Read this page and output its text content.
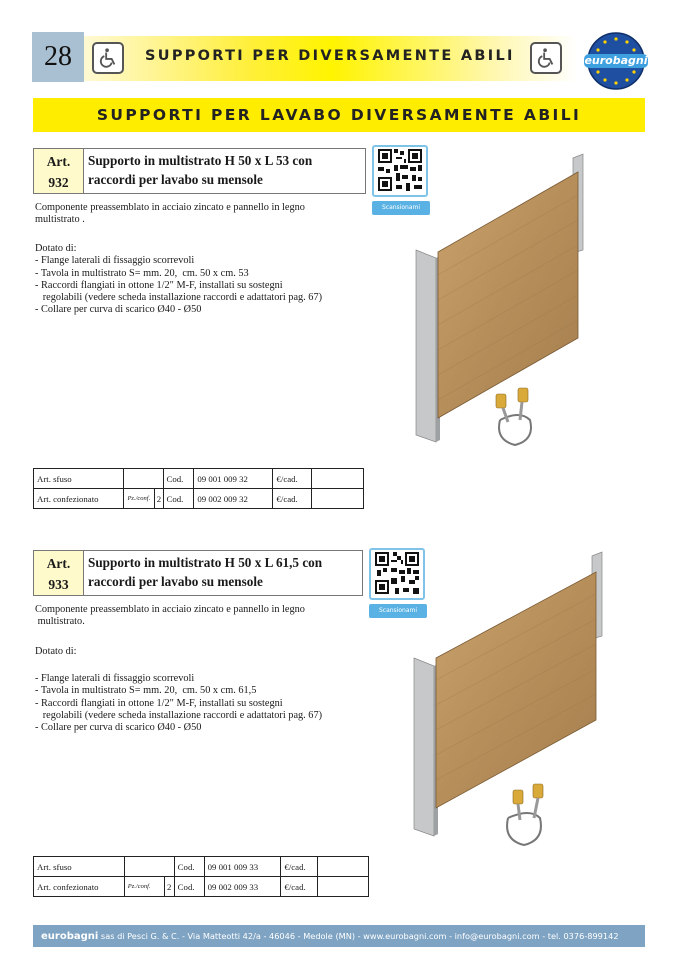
28	SUPPORTI PER DIVERSAMENTE ABILI	eurobagni
SUPPORTI PER LAVABO DIVERSAMENTE ABILI
Art.
932
Supporto in multistrato H 50 x L 53 con
raccordi per lavabo su mensole
Scansionami
Componente preassemblato in acciaio zincato e pannello in legno
multistrato .
Dotato di:
- Flange laterali di fissaggio scorrevoli
- Tavola in multistrato S= mm. 20,  cm. 50 x cm. 53
- Raccordi flangiati in ottone 1/2" M-F, installati su sostegni
regolabili (vedere scheda installazione raccordi e adattatori pag. 67)
- Collare per curva di scarico Ø40 - Ø50
Art. sfuso			Cod.	09 001 009 32	€/cad.	
Art. confezionato	Pz./conf.	2	Cod.	09 002 009 32	€/cad.	
Art.
933
Supporto in multistrato H 50 x L 61,5 con
raccordi per lavabo su mensole
Scansionami
Componente preassemblato in acciaio zincato e pannello in legno
multistrato.
Dotato di:
- Flange laterali di fissaggio scorrevoli
- Tavola in multistrato S= mm. 20,  cm. 50 x cm. 61,5
- Raccordi flangiati in ottone 1/2" M-F, installati su sostegni
regolabili (vedere scheda installazione raccordi e adattatori pag. 67)
- Collare per curva di scarico Ø40 - Ø50
Art. sfuso			Cod.	09 001 009 33	€/cad.	
Art. confezionato	Pz./conf.	2	Cod.	09 002 009 33	€/cad.	
eurobagni sas di Pesci G. & C. - Via Matteotti 42/a - 46046 - Medole (MN) - www.eurobagni.com - info@eurobagni.com - tel. 0376-899142
